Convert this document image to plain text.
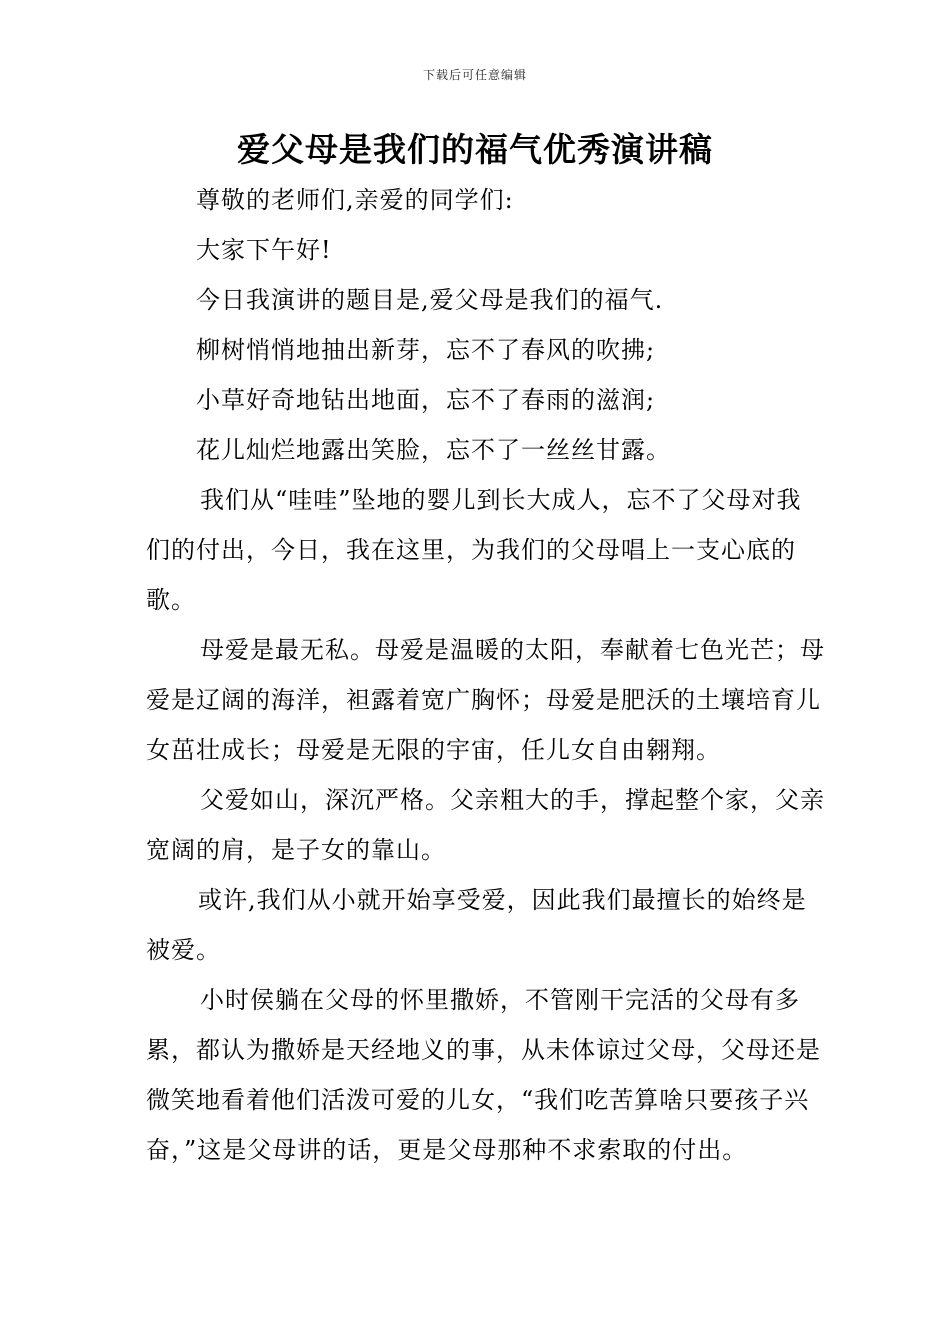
下载后可任意编辑
爱父母是我们的福气优秀演讲稿

尊敬的老师们,亲爱的同学们:

大家下午好!

今日我演讲的题目是,爱父母是我们的福气.

柳树悄悄地抽出新芽，忘不了春风的吹拂;

小草好奇地钻出地面，忘不了春雨的滋润;

花儿灿烂地露出笑脸，忘不了一丝丝甘露。

我们从“哇哇”坠地的婴儿到长大成人，忘不了父母对我们的付出，今日，我在这里，为我们的父母唱上一支心底的歌。

母爱是最无私。母爱是温暖的太阳，奉献着七色光芒；母爱是辽阔的海洋，袒露着宽广胸怀；母爱是肥沃的土壤培育儿女茁壮成长；母爱是无限的宇宙，任儿女自由翱翔。

父爱如山，深沉严格。父亲粗大的手，撑起整个家，父亲宽阔的肩，是子女的靠山。

或许,我们从小就开始享受爱，因此我们最擅长的始终是被爱。

小时侯躺在父母的怀里撒娇，不管刚干完活的父母有多累，都认为撒娇是天经地义的事，从未体谅过父母，父母还是微笑地看着他们活泼可爱的儿女，“我们吃苦算啥只要孩子兴奋，”这是父母讲的话，更是父母那种不求索取的付出。
